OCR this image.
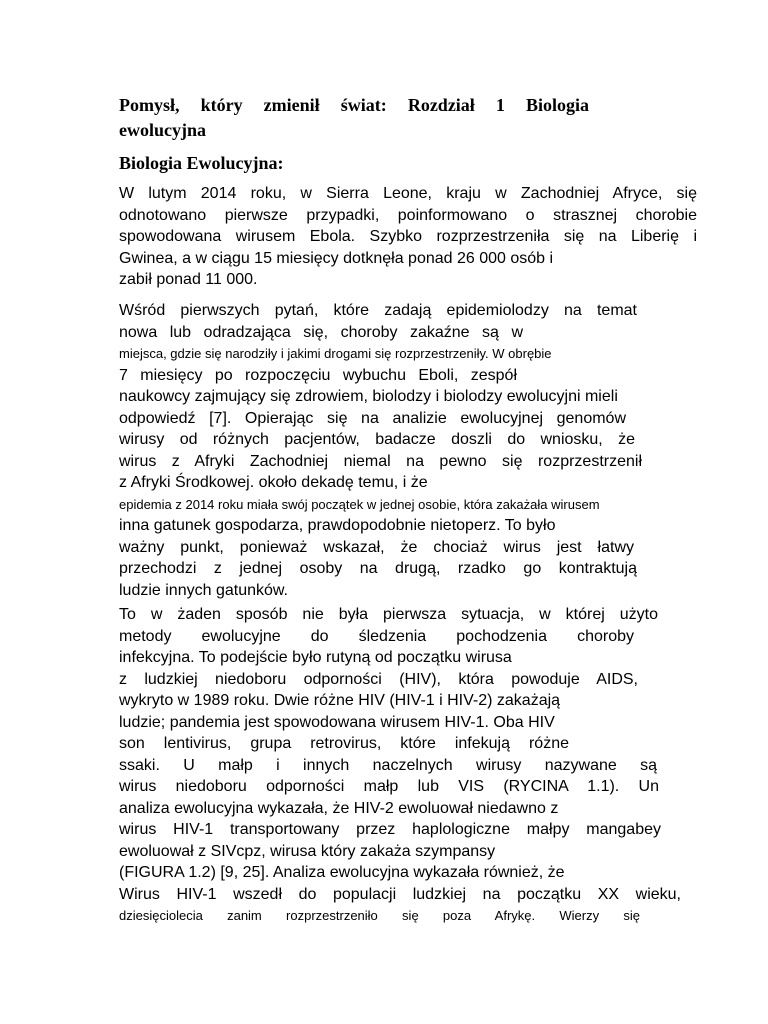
Pomysł, który zmienił świat: Rozdział 1 Biologia
ewolucyjna
Biologia Ewolucyjna:
W lutym 2014 roku, w Sierra Leone, kraju w Zachodniej Afryce, się
odnotowano pierwsze przypadki, poinformowano o strasznej chorobie
spowodowana wirusem Ebola. Szybko rozprzestrzeniła się na Liberię i
Gwinea, a w ciągu 15 miesięcy dotknęła ponad 26 000 osób i
zabił ponad 11 000.
Wśród pierwszych pytań, które zadają epidemiolodzy na temat
nowa lub odradzająca się, choroby zakaźne są w
miejsca, gdzie się narodziły i jakimi drogami się rozprzestrzeniły. W obrębie
7 miesięcy po rozpoczęciu wybuchu Eboli, zespół
naukowcy zajmujący się zdrowiem, biolodzy i biolodzy ewolucyjni mieli
odpowiedź [7]. Opierając się na analizie ewolucyjnej genomów
wirusy od różnych pacjentów, badacze doszli do wniosku, że
wirus z Afryki Zachodniej niemal na pewno się rozprzestrzenił
z Afryki Środkowej. około dekadę temu, i że
epidemia z 2014 roku miała swój początek w jednej osobie, która zakażała wirusem
inna gatunek gospodarza, prawdopodobnie nietoperz. To było
ważny punkt, ponieważ wskazał, że chociaż wirus jest łatwy
przechodzi z jednej osoby na drugą, rzadko go kontraktują
ludzie innych gatunków.
To w żaden sposób nie była pierwsza sytuacja, w której użyto
metody ewolucyjne do śledzenia pochodzenia choroby
infekcyjna. To podejście było rutyną od początku wirusa
z ludzkiej niedoboru odporności (HIV), która powoduje AIDS,
wykryto w 1989 roku. Dwie różne HIV (HIV-1 i HIV-2) zakażają
ludzie; pandemia jest spowodowana wirusem HIV-1. Oba HIV
son lentivirus, grupa retrovirus, które infekują różne
ssaki. U małp i innych naczelnych wirusy nazywane są
wirus niedoboru odporności małp lub VIS (RYCINA 1.1). Un
analiza ewolucyjna wykazała, że HIV-2 ewoluował niedawno z
wirus HIV-1 transportowany przez haplologiczne małpy mangabey
ewoluował z SIVcpz, wirusa który zakaża szympansy
(FIGURA 1.2) [9, 25]. Analiza ewolucyjna wykazała również, że
Wirus HIV-1 wszedł do populacji ludzkiej na początku XX wieku,
dziesięciolecia zanim rozprzestrzeniło się poza Afrykę. Wierzy się
